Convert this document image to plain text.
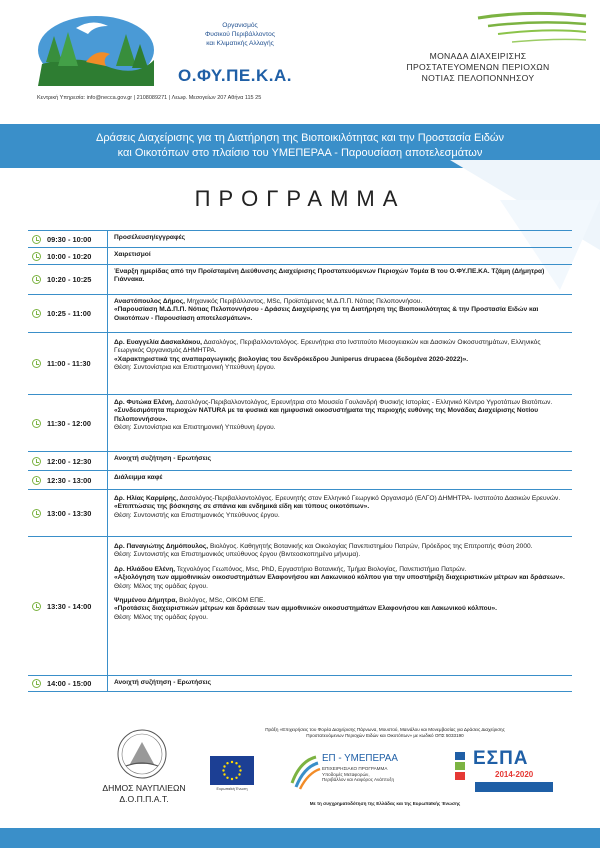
Οργανισμός
Φυσικού Περιβάλλοντος
και Κλιματικής Αλλαγής
Ο.ΦΥ.ΠΕ.Κ.Α.
Κεντρική Υπηρεσία: info@necca.gov.gr | 2108089271 | Λεωφ. Μεσογείων 207 Αθήνα 115 25
ΜΟΝΑΔΑ ΔΙΑΧΕΙΡΙΣΗΣ
ΠΡΟΣΤΑΤΕΥΟΜΕΝΩΝ ΠΕΡΙΟΧΩΝ
ΝΟΤΙΑΣ ΠΕΛΟΠΟΝΝΗΣΟΥ
Δράσεις Διαχείρισης για τη Διατήρηση της Βιοποικιλότητας και την Προστασία Ειδών
και Οικοτόπων στο πλαίσιο του ΥΜΕΠΕΡΑΑ - Παρουσίαση αποτελεσμάτων
ΠΡΟΓΡΑΜΜΑ
09:30 - 10:00	Προσέλευση/εγγραφές
10:00 - 10:20	Χαιρετισμοί
10:20 - 10:25
Έναρξη ημερίδας από την Προϊσταμένη Διεύθυνσης Διαχείρισης Προστατευόμενων Περιοχών Τομέα Β του Ο.ΦΥ.ΠΕ.ΚΑ. Τζάμη (Δήμητρα) Γιάννακα.
10:25 - 11:00

Αναστόπουλος Δήμος, Μηχανικός Περιβάλλοντος, MSc, Προϊστάμενος Μ.Δ.Π.Π. Νότιας Πελοποννήσου.

«Παρουσίαση Μ.Δ.Π.Π. Νότιας Πελοποννήσου - Δράσεις Διαχείρισης για τη Διατήρηση της Βιοποικιλότητας & την Προστασία Ειδών και Οικοτόπων - Παρουσίαση αποτελεσμάτων».

11:00 - 11:30

Δρ. Ευαγγελία Δασκαλάκου, Δασολόγος, Περιβαλλοντολόγος. Ερευνήτρια στο Ινστιτούτο Μεσογειακών και Δασικών Οικοσυστημάτων, Ελληνικός Γεωργικός Οργανισμός ΔΗΜΗΤΡΑ.

«Χαρακτηριστικά της αναπαραγωγικής βιολογίας του δενδρόκεδρου Juniperus drupacea (δεδομένα 2020-2022)».

Θέση: Συντονίστρια και Επιστημονική Υπεύθυνη έργου.

11:30 - 12:00

Δρ. Φυτώκα Ελένη, Δασολόγος-Περιβαλλοντολόγος, Ερευνήτρια στο Μουσείο Γουλανδρή Φυσικής Ιστορίας - Ελληνικό Κέντρο Υγροτόπων Βιοτόπων.

«Συνδεσιμότητα περιοχών NATURA με τα φυσικά και ημιφυσικά οικοσυστήματα της περιοχής ευθύνης της Μονάδας Διαχείρισης Νοτίου Πελοποννήσου».

Θέση: Συντονίστρια και Επιστημονική Υπεύθυνη έργου.

12:00 - 12:30	Ανοιχτή συζήτηση - Ερωτήσεις
12:30 - 13:00	Διάλειμμα καφέ
13:00 - 13:30

Δρ. Ηλίας Καρμίρης, Δασολόγος-Περιβαλλοντολόγος. Ερευνητής στον Ελληνικό Γεωργικό Οργανισμό (ΕΛΓΟ) ΔΗΜΗΤΡΑ- Ινστιτούτο Δασικών Ερευνών.

«Επιπτώσεις της βόσκησης σε σπάνια και ενδημικά είδη και τύπους οικοτόπων».

Θέση: Συντονιστής και Επιστημονικός Υπεύθυνος έργου.

13:30 - 14:00

Δρ. Παναγιώτης Δημόπουλος, Βιολόγος. Καθηγητής Βοτανικής και Οικολογίας Πανεπιστημίου Πατρών, Πρόεδρος της Επιτροπής Φύση 2000.

Θέση: Συντονιστής και Επιστημονικός υπεύθυνος έργου (Βιντεοσκοπημένο μήνυμα).

Δρ. Ηλιάδου Ελένη, Τεχνολόγος Γεωπόνος, Msc, PhD, Εργαστήριο Βοτανικής, Τμήμα Βιολογίας, Πανεπιστήμιο Πατρών.

«Αξιολόγηση των αμμοθινικών οικοσυστημάτων Ελαφονήσου και Λακωνικού κόλπου για την υποστήριξη διαχειριστικών μέτρων και δράσεων».

Θέση: Μέλος της ομάδας έργου.

Ψημμένου Δήμητρα, Βιολόγος, MSc, OIKOM ΕΠΕ.

«Προτάσεις διαχειριστικών μέτρων και δράσεων των αμμοθινικών οικοσυστημάτων Ελαφονήσου και Λακωνικού κόλπου».

Θέση: Μέλος της ομάδας έργου.

14:00 - 15:00	Ανοιχτή συζήτηση - Ερωτήσεις
Πράξη «Επιχειρήσεις του Φορέα Διαχείρισης Πάρνωνα, Μουστού, Μαινάλου και Μονεμβασίας για Δράσεις Διαχείρισης
Προστατευόμενων Περιοχών Ειδών και Οικοτόπων» με κωδικό ΟΠΣ 5033190
ΔΗΜΟΣ ΝΑΥΠΛΙΕΩΝ
Δ.Ο.Π.Π.Α.Τ.
Ευρωπαϊκή Ένωση
ΕΠ - ΥΜΕΠΕΡΑΑ
ΕΠΙΧΕΙΡΗΣΙΑΚΟ ΠΡΟΓΡΑΜΜΑ
Υποδομές Μεταφορών,
Περιβάλλον και Αειφόρος Ανάπτυξη
ΕΣΠΑ
2014-2020
Με τη συγχρηματοδότηση της Ελλάδας και της Ευρωπαϊκής Ένωσης
